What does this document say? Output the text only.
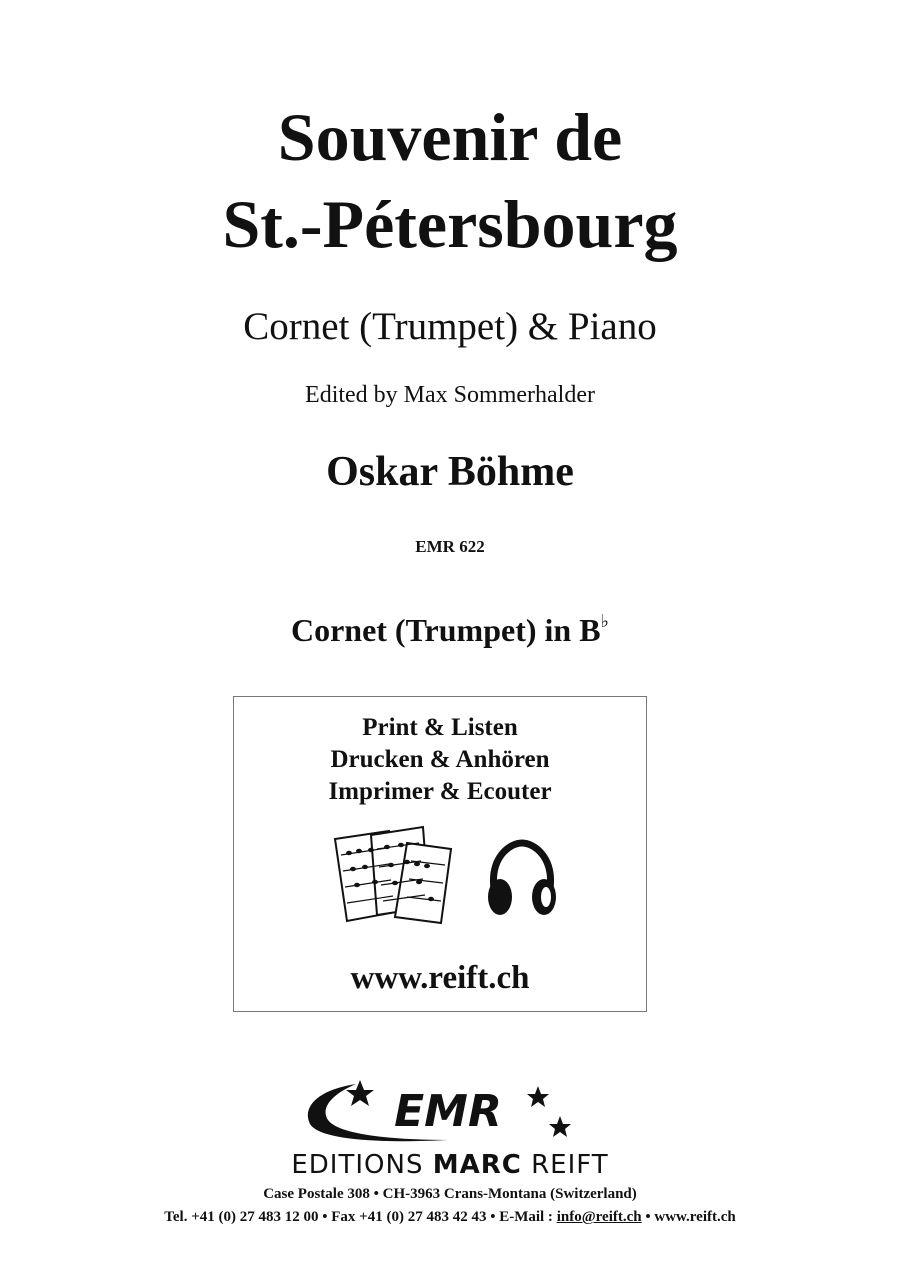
Souvenir de
St.-Pétersbourg
Cornet (Trumpet) & Piano
Edited by Max Sommerhalder
Oskar Böhme
EMR 622
Cornet (Trumpet) in B♭
Print & Listen
Drucken & Anhören
Imprimer & Ecouter
www.reift.ch
EMR
EDITIONS MARC REIFT
Case Postale 308 • CH-3963 Crans-Montana (Switzerland)
Tel. +41 (0) 27 483 12 00 • Fax +41 (0) 27 483 42 43 • E-Mail : info@reift.ch • www.reift.ch
